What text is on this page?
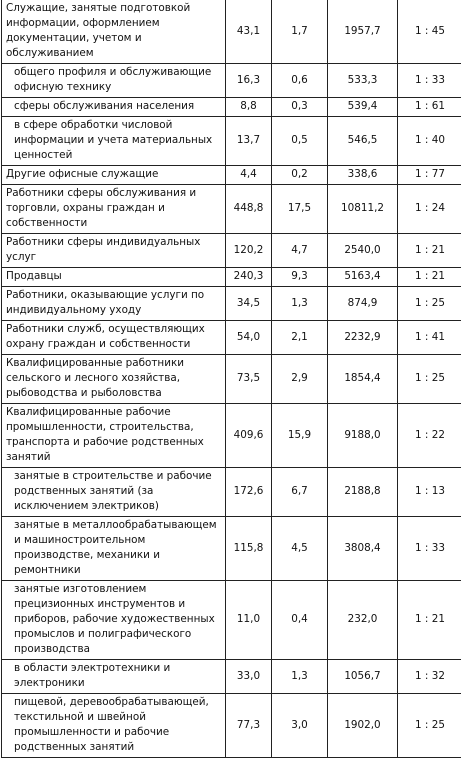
Служащие, занятые подготовкой информации, оформлением документации, учетом и обслуживанием	43,1	1,7	1957,7	1 : 45
общего профиля и обслуживающие офисную технику	16,3	0,6	533,3	1 : 33
сферы обслуживания населения	8,8	0,3	539,4	1 : 61
в сфере обработки числовой информации и учета материальных ценностей	13,7	0,5	546,5	1 : 40
Другие офисные служащие	4,4	0,2	338,6	1 : 77
Работники сферы обслуживания и торговли, охраны граждан и собственности	448,8	17,5	10811,2	1 : 24
Работники сферы индивидуальных услуг	120,2	4,7	2540,0	1 : 21
Продавцы	240,3	9,3	5163,4	1 : 21
Работники, оказывающие услуги по индивидуальному уходу	34,5	1,3	874,9	1 : 25
Работники служб, осуществляющих охрану граждан и собственности	54,0	2,1	2232,9	1 : 41
Квалифицированные работники сельского и лесного хозяйства, рыбоводства и рыболовства	73,5	2,9	1854,4	1 : 25
Квалифицированные рабочие промышленности, строительства, транспорта и рабочие родственных занятий	409,6	15,9	9188,0	1 : 22
занятые в строительстве и рабочие родственных занятий (за исключением электриков)	172,6	6,7	2188,8	1 : 13
занятые в металлообрабатывающем и машиностроительном производстве, механики и ремонтники	115,8	4,5	3808,4	1 : 33
занятые изготовлением прецизионных инструментов и приборов, рабочие художественных промыслов и полиграфического производства	11,0	0,4	232,0	1 : 21
в области электротехники и электроники	33,0	1,3	1056,7	1 : 32
пищевой, деревообрабатывающей, текстильной и швейной промышленности и рабочие родственных занятий	77,3	3,0	1902,0	1 : 25
